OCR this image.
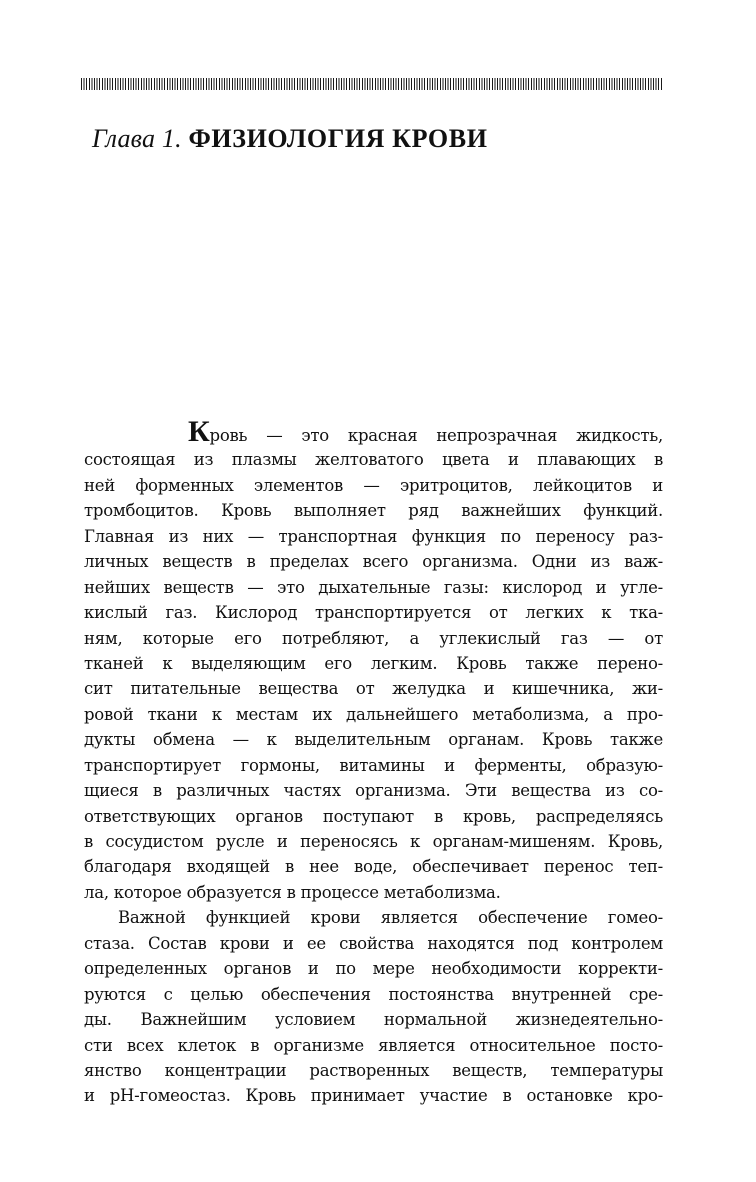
Глава 1. ФИЗИОЛОГИЯ КРОВИ
Кровь — это красная непрозрачная жидкость,
состоящая из плазмы желтоватого цвета и плавающих в
ней форменных элементов — эритроцитов, лейкоцитов и
тромбоцитов. Кровь выполняет ряд важнейших функций.
Главная из них — транспортная функция по переносу раз-
личных веществ в пределах всего организма. Одни из важ-
нейших веществ — это дыхательные газы: кислород и угле-
кислый газ. Кислород транспортируется от легких к тка-
ням, которые его потребляют, а углекислый газ — от
тканей к выделяющим его легким. Кровь также перено-
сит питательные вещества от желудка и кишечника, жи-
ровой ткани к местам их дальнейшего метаболизма, а про-
дукты обмена — к выделительным органам. Кровь также
транспортирует гормоны, витамины и ферменты, образую-
щиеся в различных частях организма. Эти вещества из со-
ответствующих органов поступают в кровь, распределяясь
в сосудистом русле и переносясь к органам-мишеням. Кровь,
благодаря входящей в нее воде, обеспечивает перенос теп-
ла, которое образуется в процессе метаболизма.
Важной функцией крови является обеспечение гомео-
стаза. Состав крови и ее свойства находятся под контролем
определенных органов и по мере необходимости корректи-
руются с целью обеспечения постоянства внутренней сре-
ды. Важнейшим условием нормальной жизнедеятельно-
сти всех клеток в организме является относительное посто-
янство концентрации растворенных веществ, температуры
и pH-гомеостаз. Кровь принимает участие в остановке кро-
